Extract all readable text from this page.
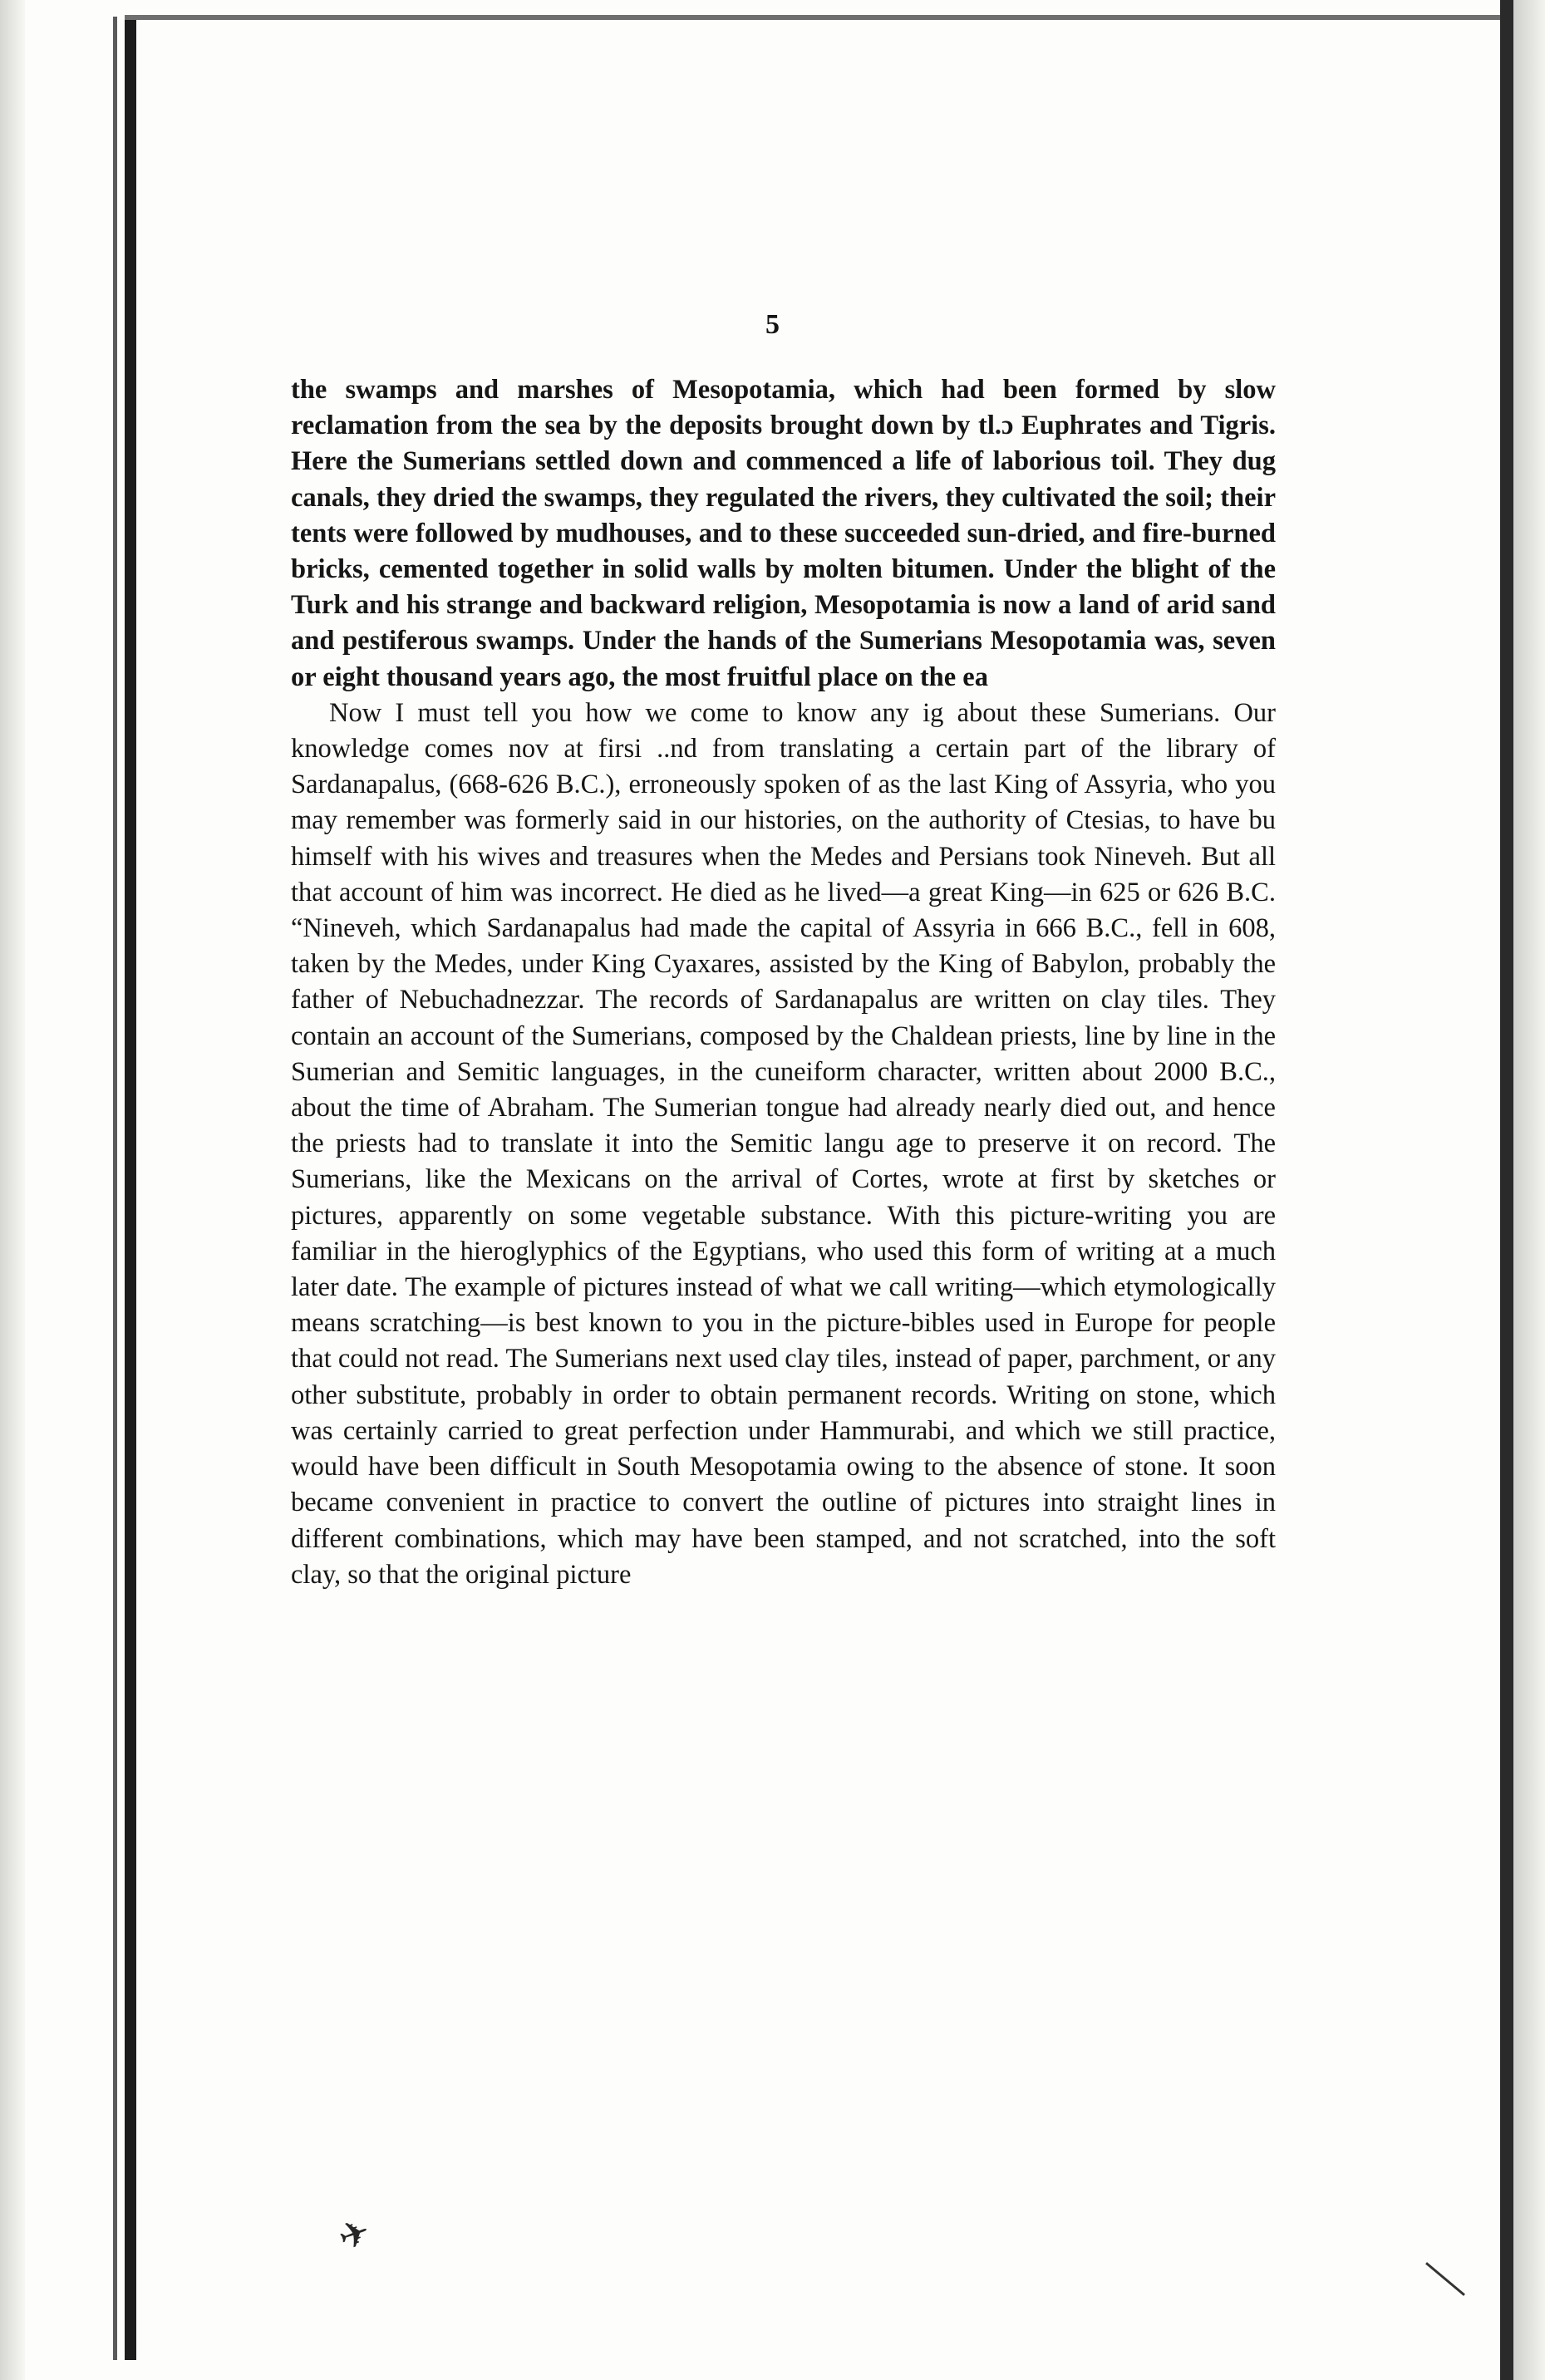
5

the swamps and marshes of Mesopotamia, which had been formed by slow reclamation from the sea by the deposits brought down by tl.ɔ Euphrates and Tigris. Here the Sumerians settled down and commenced a life of laborious toil. They dug canals, they dried the swamps, they regulated the rivers, they cultivated the soil; their tents were followed by mudhouses, and to these succeeded sun-dried, and fire-burned bricks, cemented together in solid walls by molten bitumen. Under the blight of the Turk and his strange and backward religion, Mesopotamia is now a land of arid sand and pestiferous swamps. Under the hands of the Sumerians Mesopotamia was, seven or eight thousand years ago, the most fruitful place on the ea

Now I must tell you how we come to know any ig about these Sumerians. Our knowledge comes nov at firsi ..nd from translating a certain part of the library of Sardanapalus, (668-626 B.C.), erroneously spoken of as the last King of Assyria, who you may remember was formerly said in our histories, on the authority of Ctesias, to have bu himself with his wives and treasures when the Medes and Persians took Nineveh. But all that account of him was incorrect. He died as he lived—a great King—in 625 or 626 B.C. “Nineveh, which Sardanapalus had made the capital of Assyria in 666 B.C., fell in 608, taken by the Medes, under King Cyaxares, assisted by the King of Babylon, probably the father of Nebuchadnezzar. The records of Sardanapalus are written on clay tiles. They contain an account of the Sumerians, composed by the Chaldean priests, line by line in the Sumerian and Semitic languages, in the cuneiform character, written about 2000 B.C., about the time of Abraham. The Sumerian tongue had already nearly died out, and hence the priests had to translate it into the Semitic langu age to preserve it on record. The Sumerians, like the Mexicans on the arrival of Cortes, wrote at first by sketches or pictures, apparently on some vegetable substance. With this picture-writing you are familiar in the hieroglyphics of the Egyptians, who used this form of writing at a much later date. The example of pictures instead of what we call writing—which etymologically means scratching—is best known to you in the picture-bibles used in Europe for people that could not read. The Sumerians next used clay tiles, instead of paper, parchment, or any other substitute, probably in order to obtain permanent records. Writing on stone, which was certainly carried to great perfection under Hammurabi, and which we still practice, would have been difficult in South Mesopotamia owing to the absence of stone. It soon became convenient in practice to convert the outline of pictures into straight lines in different combinations, which may have been stamped, and not scratched, into the soft clay, so that the original picture

✈
